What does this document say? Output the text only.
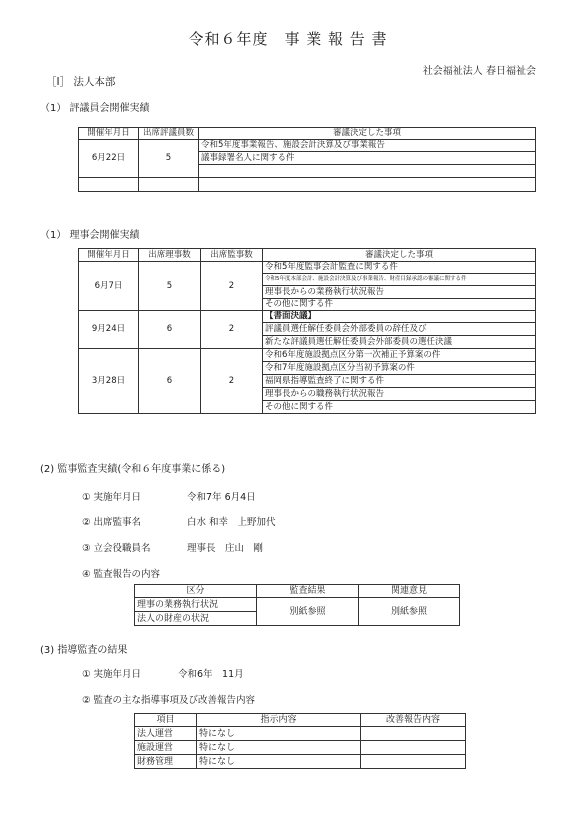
令和６年度　事 業 報 告 書
社会福祉法人 春日福祉会
［Ⅰ］ 法人本部
（1） 評議員会開催実績
開催年月日	出席評議員数	審議決定した事項
6月22日	5	令和5年度事業報告、施設会計決算及び事業報告
		議事録署名人に関する件

（1） 理事会開催実績
開催年月日	出席理事数	出席監事数	審議決定した事項
6月7日	5	2	令和5年度監事会計監査に関する件
			令和5年度本部会計、施設会計決算及び事業報告、財産目録承認の審議に関する件
			理事長からの業務執行状況報告
			その他に関する件
9月24日	6	2	【書面決議】
			評議員選任解任委員会外部委員の辞任及び
			新たな評議員選任解任委員会外部委員の選任決議
3月28日	6	2	令和6年度施設拠点区分第一次補正予算案の件
			令和7年度施設拠点区分当初予算案の件
			福岡県指導監査終了に関する件
			理事長からの職務執行状況報告
			その他に関する件
(2) 監事監査実績(令和６年度事業に係る)
① 実施年月日	令和7年 6月4日
② 出席監事名	白水 和幸　上野加代
③ 立会役職員名	理事長　庄山　剛
④ 監査報告の内容
区分	監査結果	関連意見
理事の業務執行状況	別紙参照	別紙参照
法人の財産の状況		
(3) 指導監査の結果
① 実施年月日	令和6年　11月
② 監査の主な指導事項及び改善報告内容
項目	指示内容	改善報告内容
法人運営	特になし	
施設運営	特になし	
財務管理	特になし	
